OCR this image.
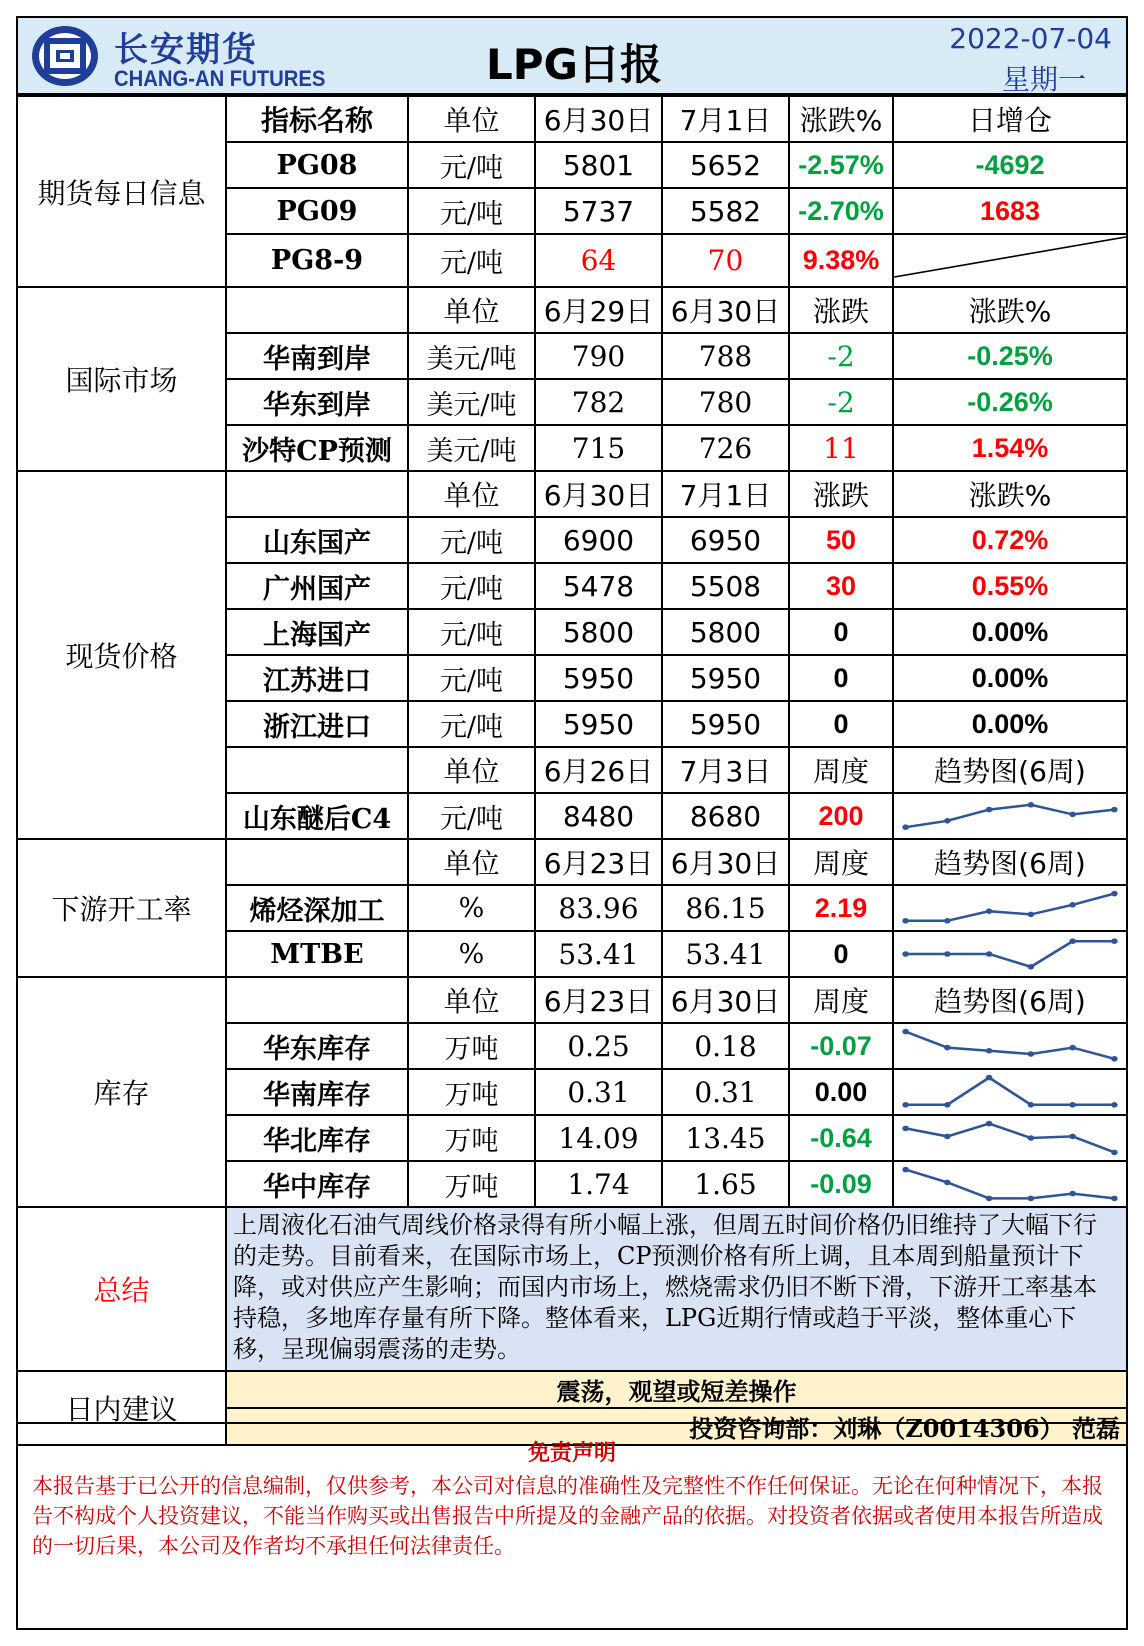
长安期货
CHANG-AN FUTURES	LPG日报
2022-07-04
星期一
期货每日信息	指标名称	单位	6月30日	7月1日	涨跌%	日增仓
	PG08	元/吨	5801	5652	-2.57%	-4692
	PG09	元/吨	5737	5582	-2.70%	1683
	PG8-9	元/吨	64	70	9.38%	
国际市场		单位	6月29日	6月30日	涨跌	涨跌%
	华南到岸	美元/吨	790	788	-2	-0.25%
	华东到岸	美元/吨	782	780	-2	-0.26%
	沙特CP预测	美元/吨	715	726	11	1.54%
现货价格		单位	6月30日	7月1日	涨跌	涨跌%
	山东国产	元/吨	6900	6950	50	0.72%
	广州国产	元/吨	5478	5508	30	0.55%
	上海国产	元/吨	5800	5800	0	0.00%
	江苏进口	元/吨	5950	5950	0	0.00%
	浙江进口	元/吨	5950	5950	0	0.00%
		单位	6月26日	7月3日	周度	趋势图(6周)
	山东醚后C4	元/吨	8480	8680	200	

下游开工率		单位	6月23日	6月30日	周度	趋势图(6周)
	烯烃深加工	%	83.96	86.15	2.19	

	MTBE	%	53.41	53.41	0	

库存		单位	6月23日	6月30日	周度	趋势图(6周)
	华东库存	万吨	0.25	0.18	-0.07	

	华南库存	万吨	0.31	0.31	0.00	

	华北库存	万吨	14.09	13.45	-0.64	

	华中库存	万吨	1.74	1.65	-0.09	

总结	上周液化石油气周线价格录得有所小幅上涨，但周五时间价格仍旧维持了大幅下行的走势。目前看来，在国际市场上，CP预测价格有所上调，且本周到船量预计下降，或对供应产生影响；而国内市场上，燃烧需求仍旧不断下滑，下游开工率基本持稳，多地库存量有所下降。整体看来，LPG近期行情或趋于平淡，整体重心下移，呈现偏弱震荡的走势。					
日内建议	震荡，观望或短差操作					
	投资咨询部：刘琳（Z0014306） 范磊					
免责声明
本报告基于已公开的信息编制，仅供参考，本公司对信息的准确性及完整性不作任何保证。无论在何种情况下，本报告不构成个人投资建议，不能当作购买或出售报告中所提及的金融产品的依据。对投资者依据或者使用本报告所造成的一切后果，本公司及作者均不承担任何法律责任。
